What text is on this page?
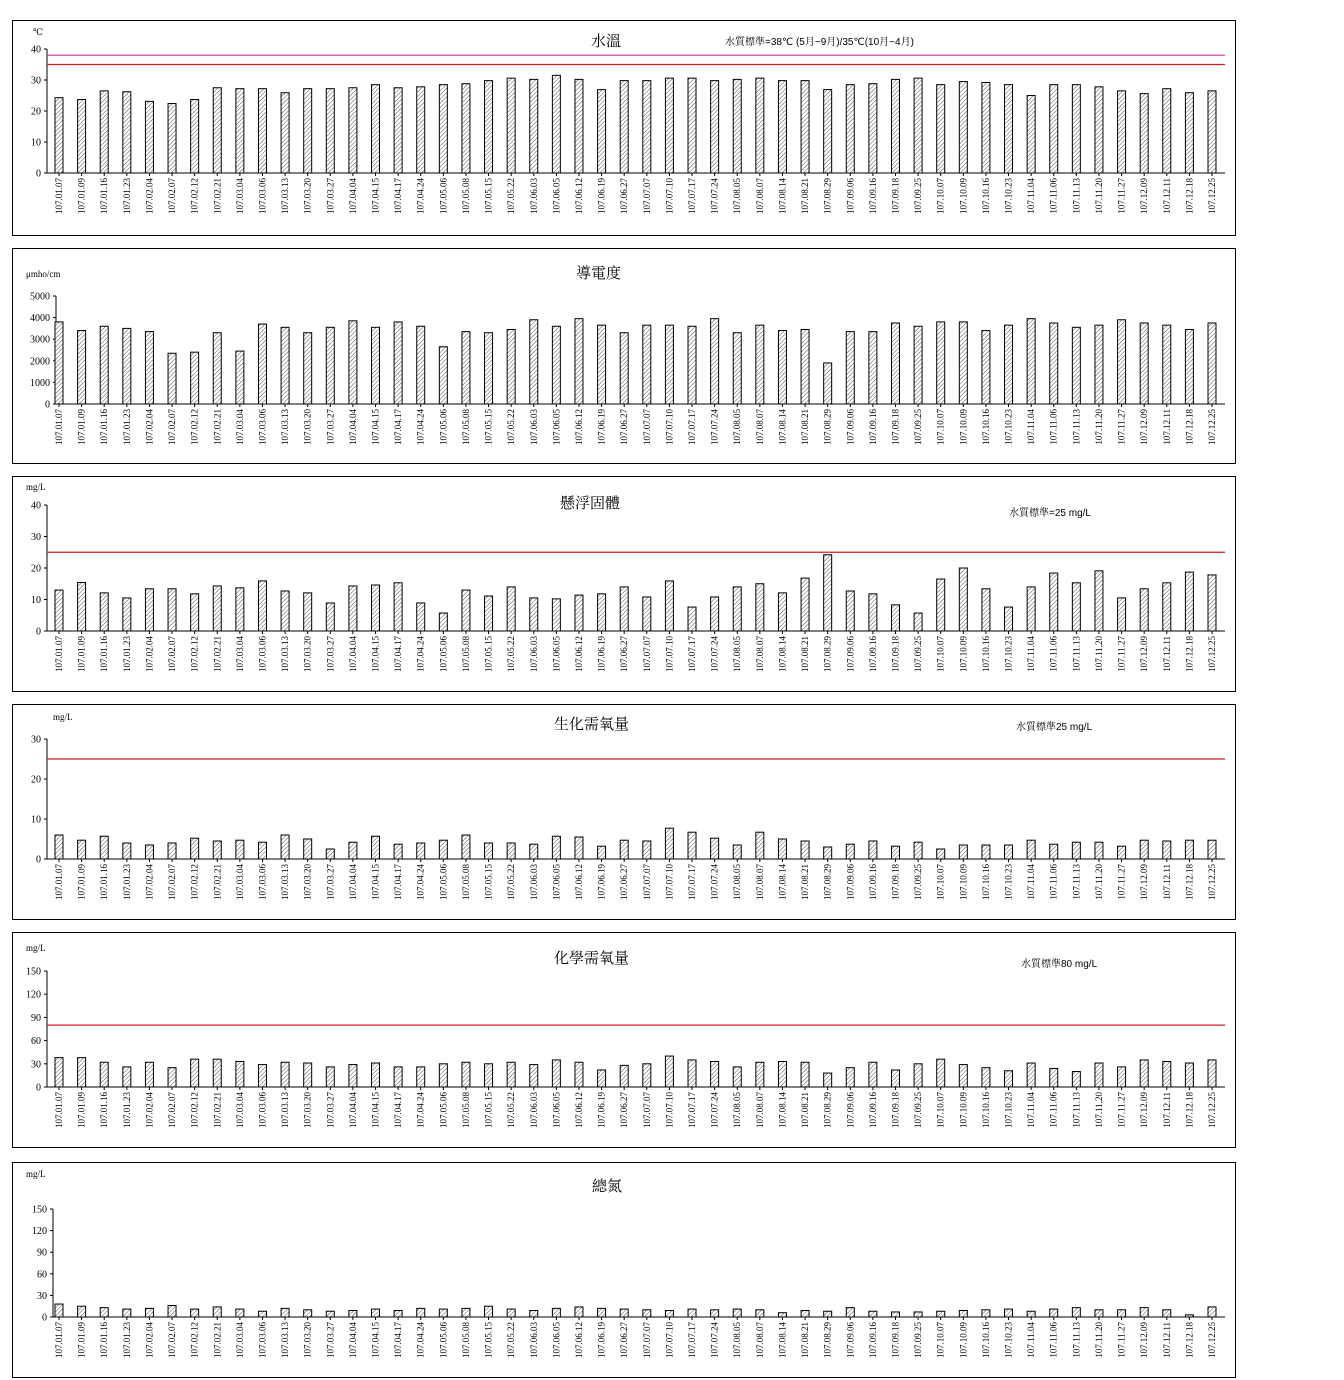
℃
水溫	水質標準=38℃ (5月~9月)/35℃(10月~4月)
0
10
20
30
40
107.01.07 107.01.09 107.01.16 107.01.23 107.02.04 107.02.07 107.02.12 107.02.21 107.03.04 107.03.06 107.03.13 107.03.20 107.03.27 107.04.04 107.04.15 107.04.17 107.04.24 107.05.06 107.05.08 107.05.15 107.05.22 107.06.03 107.06.05 107.06.12 107.06.19 107.06.27 107.07.07 107.07.10 107.07.17 107.07.24 107.08.05 107.08.07 107.08.14 107.08.21 107.08.29 107.09.06 107.09.16 107.09.18 107.09.25 107.10.07 107.10.09 107.10.16 107.10.23 107.11.04 107.11.06 107.11.13 107.11.20 107.11.27 107.12.09 107.12.11 107.12.18 107.12.25
μmho/cm	導電度
0
1000
2000
3000
4000
5000
107.01.07 107.01.09 107.01.16 107.01.23 107.02.04 107.02.07 107.02.12 107.02.21 107.03.04 107.03.06 107.03.13 107.03.20 107.03.27 107.04.04 107.04.15 107.04.17 107.04.24 107.05.06 107.05.08 107.05.15 107.05.22 107.06.03 107.06.05 107.06.12 107.06.19 107.06.27 107.07.07 107.07.10 107.07.17 107.07.24 107.08.05 107.08.07 107.08.14 107.08.21 107.08.29 107.09.06 107.09.16 107.09.18 107.09.25 107.10.07 107.10.09 107.10.16 107.10.23 107.11.04 107.11.06 107.11.13 107.11.20 107.11.27 107.12.09 107.12.11 107.12.18 107.12.25
mg/L
懸浮固體
水質標準=25 mg/L
0
10
20
30
40
107.01.07 107.01.09 107.01.16 107.01.23 107.02.04 107.02.07 107.02.12 107.02.21 107.03.04 107.03.06 107.03.13 107.03.20 107.03.27 107.04.04 107.04.15 107.04.17 107.04.24 107.05.06 107.05.08 107.05.15 107.05.22 107.06.03 107.06.05 107.06.12 107.06.19 107.06.27 107.07.07 107.07.10 107.07.17 107.07.24 107.08.05 107.08.07 107.08.14 107.08.21 107.08.29 107.09.06 107.09.16 107.09.18 107.09.25 107.10.07 107.10.09 107.10.16 107.10.23 107.11.04 107.11.06 107.11.13 107.11.20 107.11.27 107.12.09 107.12.11 107.12.18 107.12.25
mg/L	生化需氧量	水質標準25 mg/L
0
10
20
30
107.01.07 107.01.09 107.01.16 107.01.23 107.02.04 107.02.07 107.02.12 107.02.21 107.03.04 107.03.06 107.03.13 107.03.20 107.03.27 107.04.04 107.04.15 107.04.17 107.04.24 107.05.06 107.05.08 107.05.15 107.05.22 107.06.03 107.06.05 107.06.12 107.06.19 107.06.27 107.07.07 107.07.10 107.07.17 107.07.24 107.08.05 107.08.07 107.08.14 107.08.21 107.08.29 107.09.06 107.09.16 107.09.18 107.09.25 107.10.07 107.10.09 107.10.16 107.10.23 107.11.04 107.11.06 107.11.13 107.11.20 107.11.27 107.12.09 107.12.11 107.12.18 107.12.25
mg/L
化學需氧量	水質標準80 mg/L
0
30
60
90
120
150
107.01.07 107.01.09 107.01.16 107.01.23 107.02.04 107.02.07 107.02.12 107.02.21 107.03.04 107.03.06 107.03.13 107.03.20 107.03.27 107.04.04 107.04.15 107.04.17 107.04.24 107.05.06 107.05.08 107.05.15 107.05.22 107.06.03 107.06.05 107.06.12 107.06.19 107.06.27 107.07.07 107.07.10 107.07.17 107.07.24 107.08.05 107.08.07 107.08.14 107.08.21 107.08.29 107.09.06 107.09.16 107.09.18 107.09.25 107.10.07 107.10.09 107.10.16 107.10.23 107.11.04 107.11.06 107.11.13 107.11.20 107.11.27 107.12.09 107.12.11 107.12.18 107.12.25
mg/L
總氮
0
30
60
90
120
150
107.01.07 107.01.09 107.01.16 107.01.23 107.02.04 107.02.07 107.02.12 107.02.21 107.03.04 107.03.06 107.03.13 107.03.20 107.03.27 107.04.04 107.04.15 107.04.17 107.04.24 107.05.06 107.05.08 107.05.15 107.05.22 107.06.03 107.06.05 107.06.12 107.06.19 107.06.27 107.07.07 107.07.10 107.07.17 107.07.24 107.08.05 107.08.07 107.08.14 107.08.21 107.08.29 107.09.06 107.09.16 107.09.18 107.09.25 107.10.07 107.10.09 107.10.16 107.10.23 107.11.04 107.11.06 107.11.13 107.11.20 107.11.27 107.12.09 107.12.11 107.12.18 107.12.25
